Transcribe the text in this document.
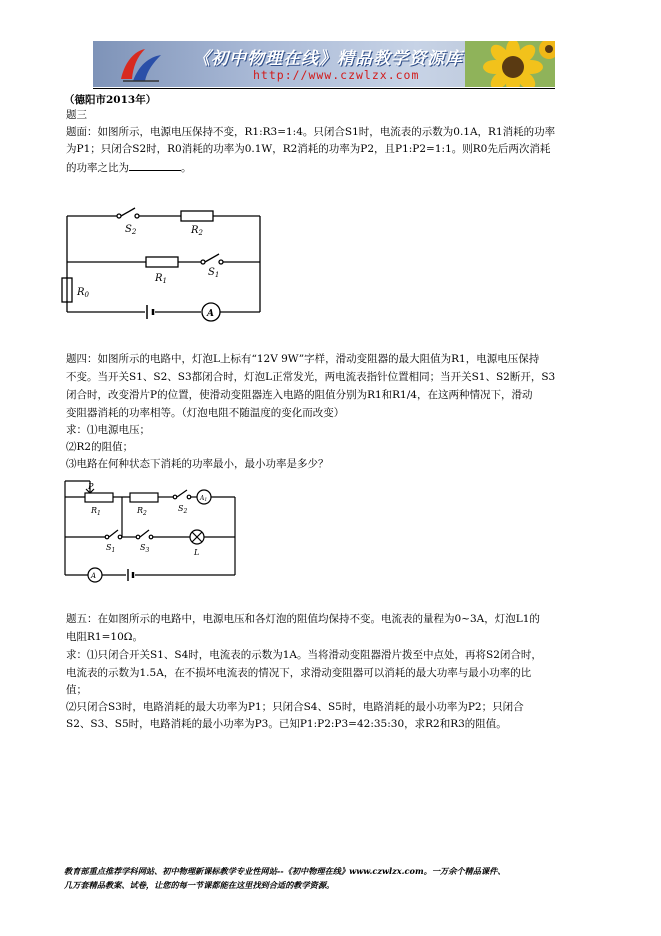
《初中物理在线》精品教学资源库
http://www.czwlzx.com
（德阳市2013年）
题三
题面：如图所示，电源电压保持不变，R1:R3=1:4。只闭合S1时，电流表的示数为0.1A，R1消耗的功率
为P1；只闭合S2时，R0消耗的功率为0.1W，R2消耗的功率为P2，且P1:P2=1:1。则R0先后两次消耗
的功率之比为	。
$S_2$	$R_2$
$R_1$
$S_1$
$R_0$
A
题四：如图所示的电路中，灯泡L上标有“12V 9W”字样，滑动变阻器的最大阻值为R1，电源电压保持
不变。当开关S1、S2、S3都闭合时，灯泡L正常发光，两电流表指针位置相同；当开关S1、S2断开，S3
闭合时，改变滑片P的位置，使滑动变阻器连入电路的阻值分别为R1和R1/4，在这两种情况下，滑动
变阻器消耗的功率相等。（灯泡电阻不随温度的变化而改变）
求：⑴电源电压；
⑵R2的阻值；
⑶电路在何种状态下消耗的功率最小，最小功率是多少？
P
$R_1$	$R_2$
$S_2$
A1
$S_1$	$S_3$	L
A
题五：在如图所示的电路中，电源电压和各灯泡的阻值均保持不变。电流表的量程为0~3A，灯泡L1的
电阻R1=10Ω。
求：⑴只闭合开关S1、S4时，电流表的示数为1A。当将滑动变阻器滑片拨至中点处，再将S2闭合时，
电流表的示数为1.5A，在不损坏电流表的情况下，求滑动变阻器可以消耗的最大功率与最小功率的比
值；
⑵只闭合S3时，电路消耗的最大功率为P1；只闭合S4、S5时，电路消耗的最小功率为P2；只闭合
S2、S3、S5时，电路消耗的最小功率为P3。已知P1:P2:P3=42:35:30，求R2和R3的阻值。
教育部重点推荐学科网站、初中物理新课标教学专业性网站--《初中物理在线》www.czwlzx.com。一万余个精品课件、
几万套精品教案、试卷，让您的每一节课都能在这里找到合适的教学资源。
